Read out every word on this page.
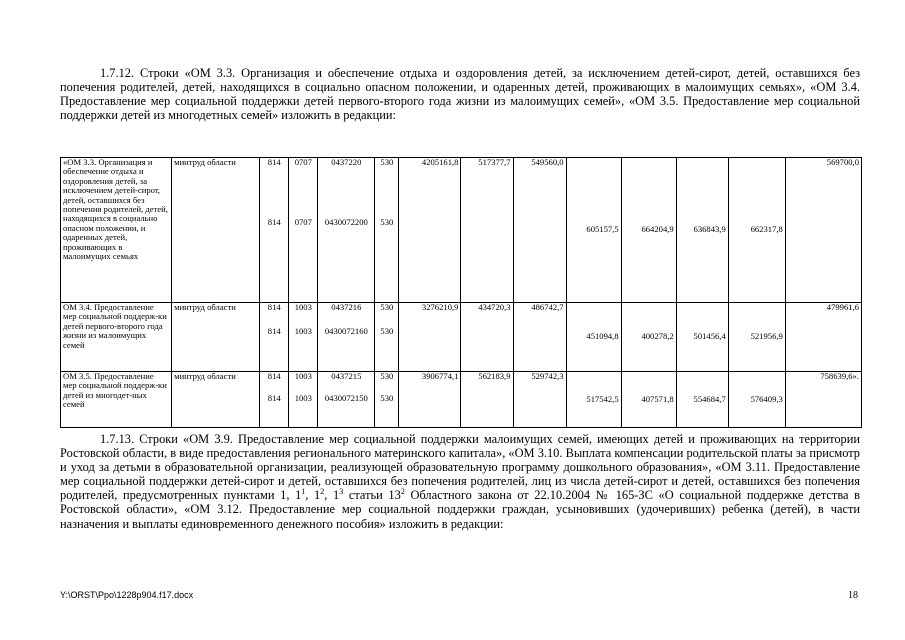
1.7.12. Строки «ОМ 3.3. Организация и обеспечение отдыха и оздоровления детей, за исключением детей-сирот, детей, оставшихся без попечения родителей, детей, находящихся в социально опасном положении, и одаренных детей, проживающих в малоимущих семьях», «ОМ 3.4. Предоставление мер социальной поддержки детей первого-второго года жизни из малоимущих семей», «ОМ 3.5. Предоставление мер социальной поддержки детей из многодетных семей» изложить в редакции:

«ОМ 3.3. Организация и обеспечение отдыха и оздоровления детей, за исключением детей-сирот, детей, оставшихся без попечения родителей, детей, находящихся в социально опасном положении, и одаренных детей, проживающих в малоимущих семьях	минтруд области	814	0707	0437220	530	4205161,8	517377,7	549560,0	605157,5	664204,9	636843,9	662317,8	569700,0
		814	0707	0430072200	530								
ОМ 3.4. Предоставление мер социальной поддерж-ки детей первого-второго года жизни из малоимущих семей	минтруд области	814	1003	0437216	530	3276210,9	434720,3	486742,7	451094,8	400278,2	501456,4	521956,9	479961,6
		814	1003	0430072160	530								
ОМ 3.5. Предоставление мер социальной поддерж-ки детей из многодет-ных семей	минтруд области	814	1003	0437215	530	3906774,1	562183,9	529742,3	517542,5	407571,8	554684,7	576409,3	758639,6».
		814	1003	0430072150	530								

1.7.13. Строки «ОМ 3.9. Предоставление мер социальной поддержки малоимущих семей, имеющих детей и проживающих на территории Ростовской области, в виде предоставления регионального материнского капитала», «ОМ 3.10. Выплата компенсации родительской платы за присмотр и уход за детьми в образовательной организации, реализующей образовательную программу дошкольного образования», «ОМ 3.11. Предоставление мер социальной поддержки детей-сирот и детей, оставшихся без попечения родителей, лиц из числа детей-сирот и детей, оставшихся без попечения родителей, предусмотренных пунктами 1, $1^1$, $1^2$, $1^3$ статьи $13^2$ Областного закона от 22.10.2004 № 165-ЗС «О социальной поддержке детства в Ростовской области», «ОМ 3.12. Предоставление мер социальной поддержки граждан, усыновивших (удочеривших) ребенка (детей), в части назначения и выплаты единовременного денежного пособия» изложить в редакции:

Y:\ORST\Ppo\1228p904.f17.docx	18
